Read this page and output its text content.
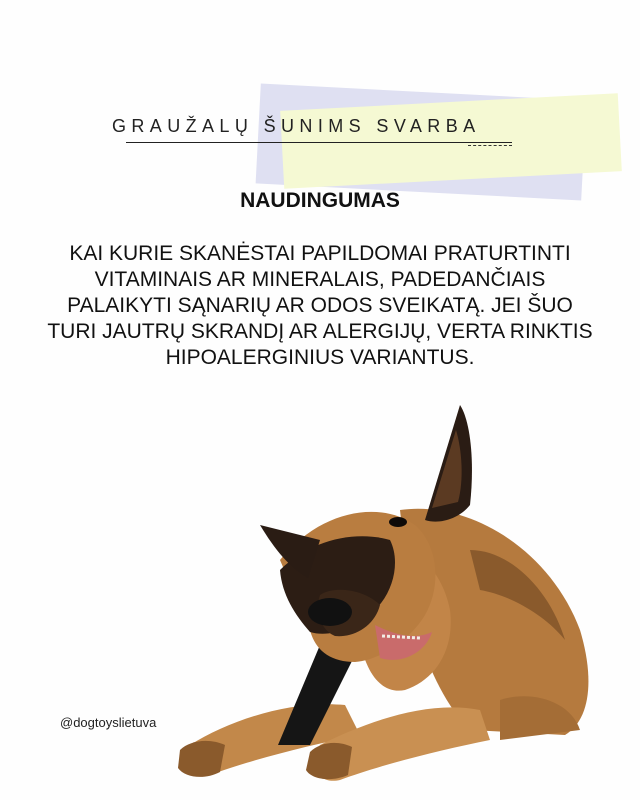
GRAUŽALŲ ŠUNIMS SVARBA
NAUDINGUMAS
KAI KURIE SKANĖSTAI PAPILDOMAI PRATURTINTI VITAMINAIS AR MINERALAIS, PADEDANČIAIS PALAIKYTI SĄNARIŲ AR ODOS SVEIKATĄ. JEI ŠUO TURI JAUTRŲ SKRANDĮ AR ALERGIJŲ, VERTA RINKTIS HIPOALERGINIUS VARIANTUS.
@dogtoyslietuva
